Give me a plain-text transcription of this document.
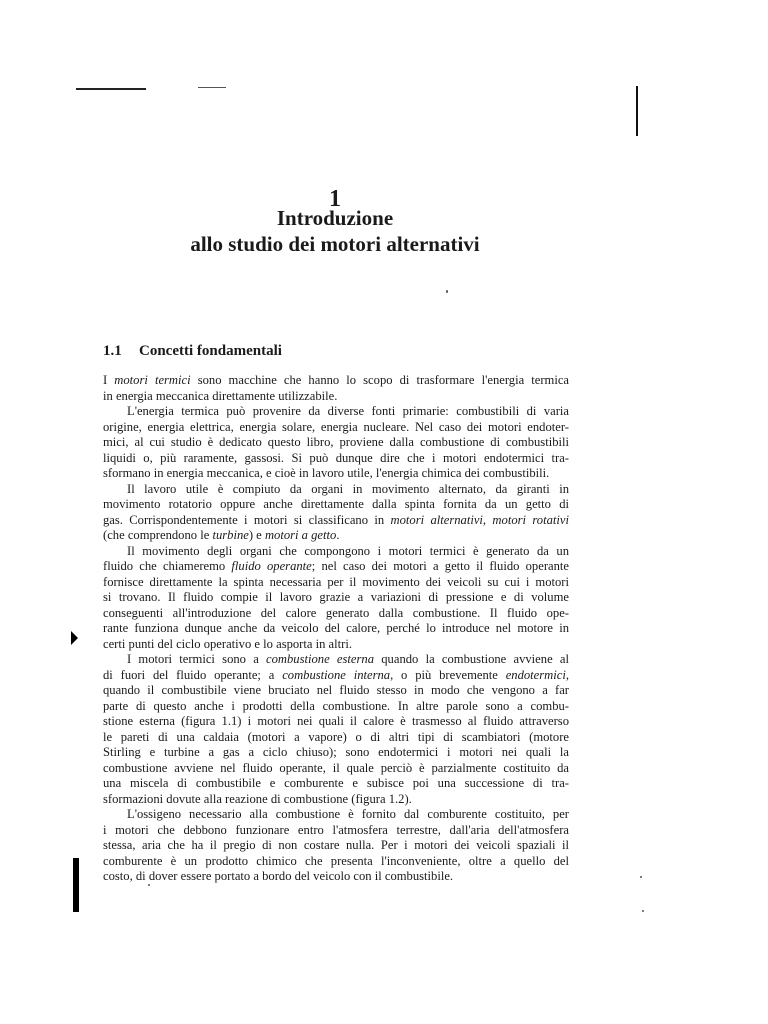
1
Introduzione
allo studio dei motori alternativi
1.1 Concetti fondamentali
I motori termici sono macchine che hanno lo scopo di trasformare l'energia termica
in energia meccanica direttamente utilizzabile.
L'energia termica può provenire da diverse fonti primarie: combustibili di varia
origine, energia elettrica, energia solare, energia nucleare. Nel caso dei motori endoter-
mici, al cui studio è dedicato questo libro, proviene dalla combustione di combustibili
liquidi o, più raramente, gassosi. Si può dunque dire che i motori endotermici tra-
sformano in energia meccanica, e cioè in lavoro utile, l'energia chimica dei combustibili.
Il lavoro utile è compiuto da organi in movimento alternato, da giranti in
movimento rotatorio oppure anche direttamente dalla spinta fornita da un getto di
gas. Corrispondentemente i motori si classificano in motori alternativi, motori rotativi
(che comprendono le turbine) e motori a getto.
Il movimento degli organi che compongono i motori termici è generato da un
fluido che chiameremo fluido operante; nel caso dei motori a getto il fluido operante
fornisce direttamente la spinta necessaria per il movimento dei veicoli su cui i motori
si trovano. Il fluido compie il lavoro grazie a variazioni di pressione e di volume
conseguenti all'introduzione del calore generato dalla combustione. Il fluido ope-
rante funziona dunque anche da veicolo del calore, perché lo introduce nel motore in
certi punti del ciclo operativo e lo asporta in altri.
I motori termici sono a combustione esterna quando la combustione avviene al
di fuori del fluido operante; a combustione interna, o più brevemente endotermici,
quando il combustibile viene bruciato nel fluido stesso in modo che vengono a far
parte di questo anche i prodotti della combustione. In altre parole sono a combu-
stione esterna (figura 1.1) i motori nei quali il calore è trasmesso al fluido attraverso
le pareti di una caldaia (motori a vapore) o di altri tipi di scambiatori (motore
Stirling e turbine a gas a ciclo chiuso); sono endotermici i motori nei quali la
combustione avviene nel fluido operante, il quale perciò è parzialmente costituito da
una miscela di combustibile e comburente e subisce poi una successione di tra-
sformazioni dovute alla reazione di combustione (figura 1.2).
L'ossigeno necessario alla combustione è fornito dal comburente costituito, per
i motori che debbono funzionare entro l'atmosfera terrestre, dall'aria dell'atmosfera
stessa, aria che ha il pregio di non costare nulla. Per i motori dei veicoli spaziali il
comburente è un prodotto chimico che presenta l'inconveniente, oltre a quello del
costo, di dover essere portato a bordo del veicolo con il combustibile.
